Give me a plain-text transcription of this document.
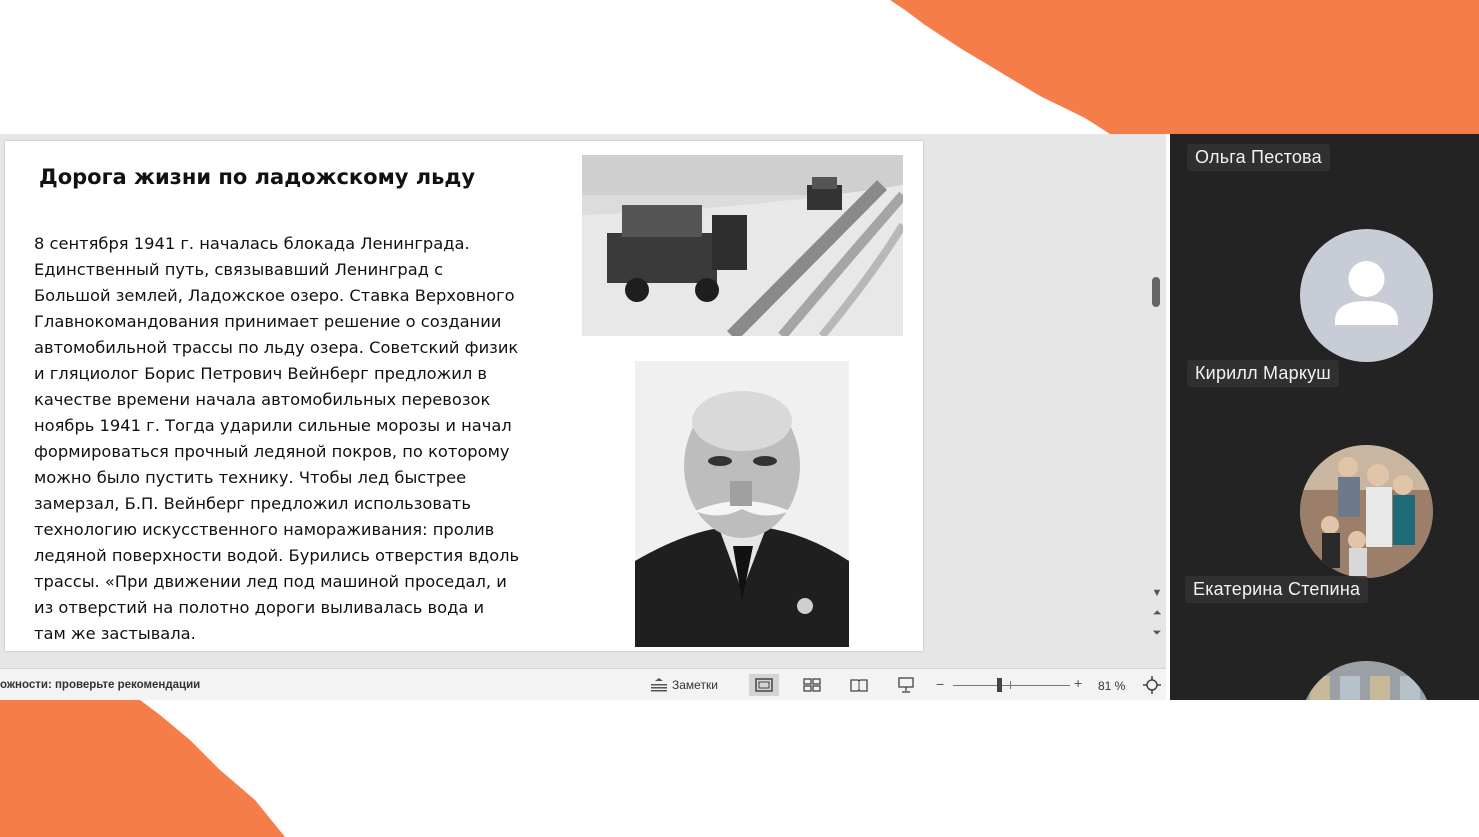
Дорога жизни по ладожскому льду
8 сентября 1941 г. началась блокада Ленинграда.
Единственный путь, связывавший Ленинград с
Большой землей, Ладожское озеро. Ставка Верховного
Главнокомандования принимает решение о создании
автомобильной трассы по льду озера. Советский физик
и гляциолог Борис Петрович Вейнберг предложил в
качестве времени начала автомобильных перевозок
ноябрь 1941 г. Тогда ударили сильные морозы и начал
формироваться прочный ледяной покров, по которому
можно было пустить технику. Чтобы лед быстрее
замерзал, Б.П. Вейнберг предложил использовать
технологию искусственного намораживания: пролив
ледяной поверхности водой. Бурились отверстия вдоль
трассы. «При движении лед под машиной проседал, и
из отверстий на полотно дороги выливалась вода и
там же застывала.
▼
⏶
⏷
ожности: проверьте рекомендации	Заметки	−	+ 81 %
Ольга Пестова
Кирилл Маркуш
Екатерина Степина
